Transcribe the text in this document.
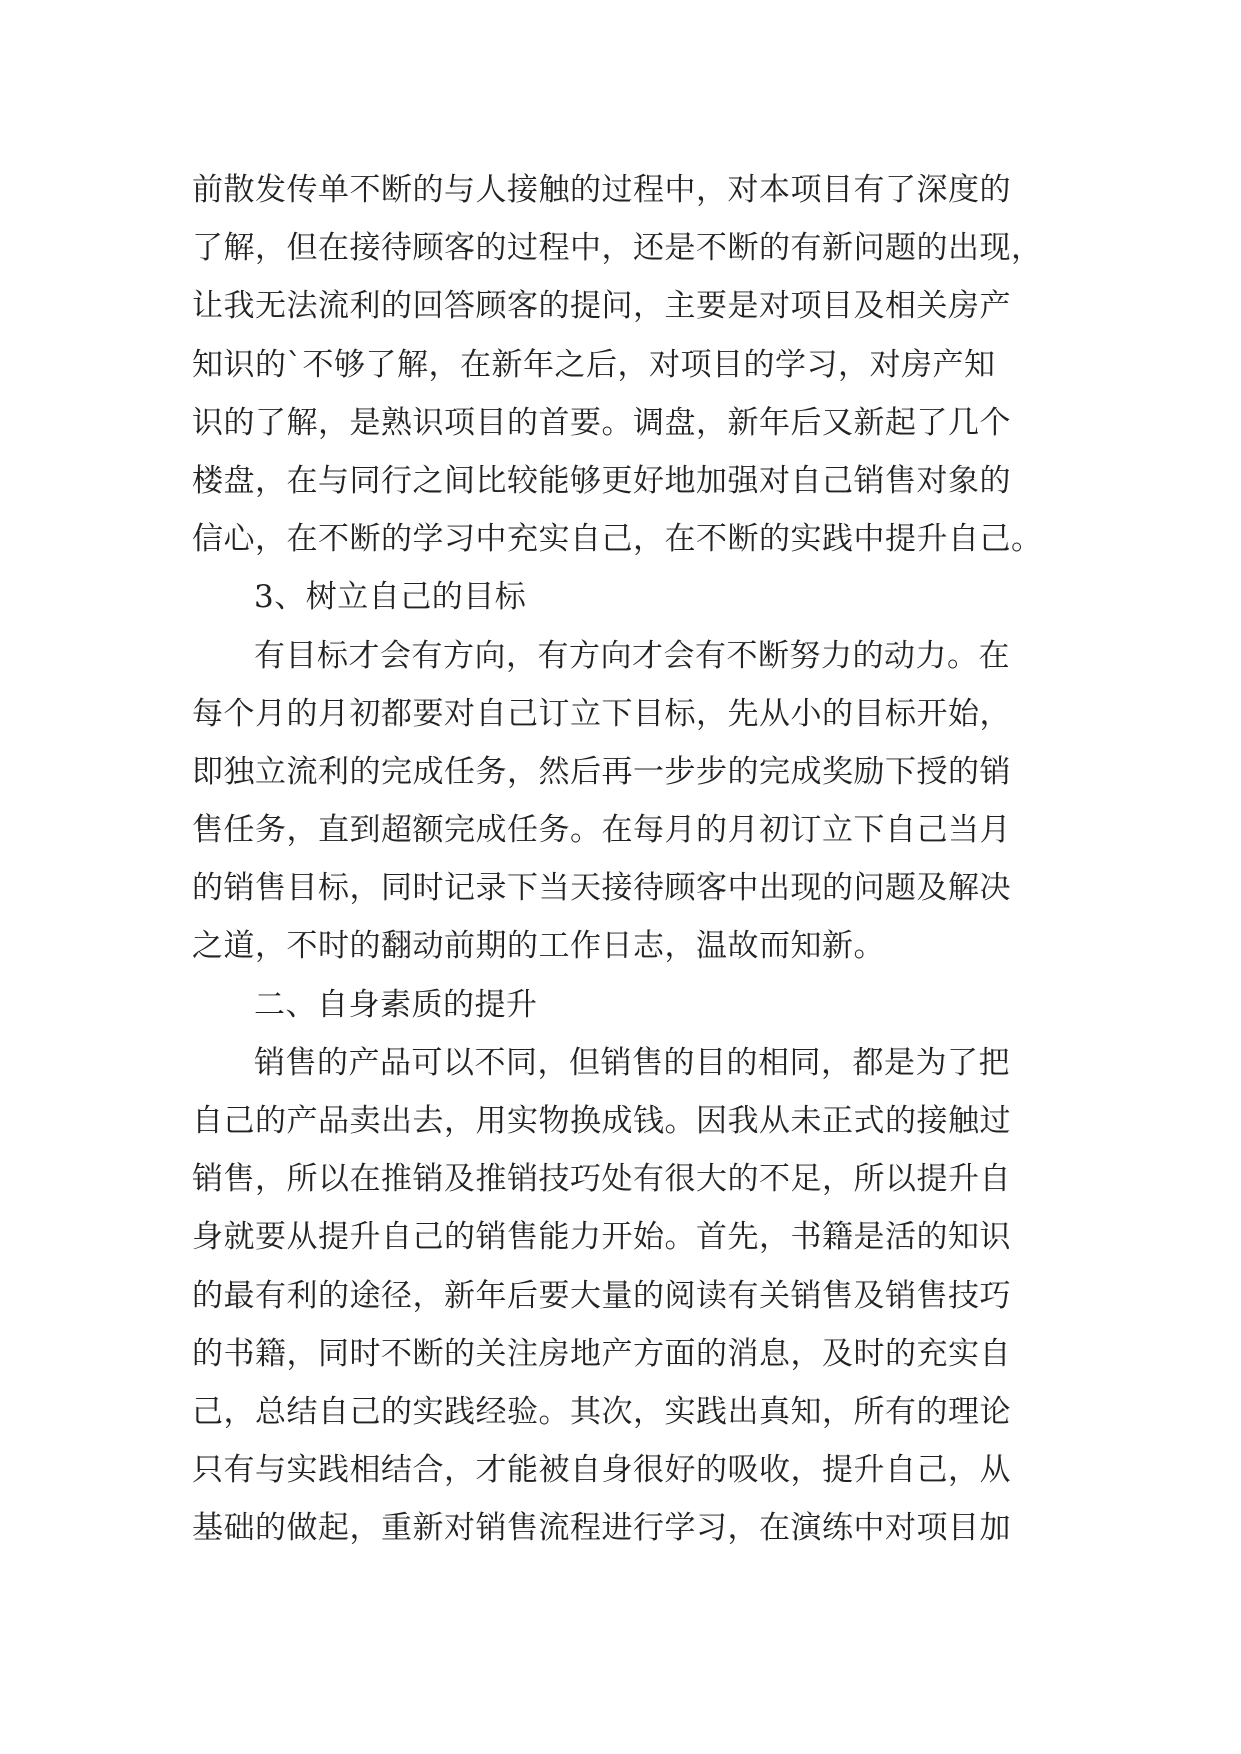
前散发传单不断的与人接触的过程中，对本项目有了深度的
了解，但在接待顾客的过程中，还是不断的有新问题的出现，
让我无法流利的回答顾客的提问，主要是对项目及相关房产
知识的`不够了解，在新年之后，对项目的学习，对房产知
识的了解，是熟识项目的首要。调盘，新年后又新起了几个
楼盘，在与同行之间比较能够更好地加强对自己销售对象的
信心，在不断的学习中充实自己，在不断的实践中提升自己。
3、树立自己的目标
有目标才会有方向，有方向才会有不断努力的动力。在
每个月的月初都要对自己订立下目标，先从小的目标开始，
即独立流利的完成任务，然后再一步步的完成奖励下授的销
售任务，直到超额完成任务。在每月的月初订立下自己当月
的销售目标，同时记录下当天接待顾客中出现的问题及解决
之道，不时的翻动前期的工作日志，温故而知新。
二、自身素质的提升
销售的产品可以不同，但销售的目的相同，都是为了把
自己的产品卖出去，用实物换成钱。因我从未正式的接触过
销售，所以在推销及推销技巧处有很大的不足，所以提升自
身就要从提升自己的销售能力开始。首先，书籍是活的知识
的最有利的途径，新年后要大量的阅读有关销售及销售技巧
的书籍，同时不断的关注房地产方面的消息，及时的充实自
己，总结自己的实践经验。其次，实践出真知，所有的理论
只有与实践相结合，才能被自身很好的吸收，提升自己，从
基础的做起，重新对销售流程进行学习，在演练中对项目加
